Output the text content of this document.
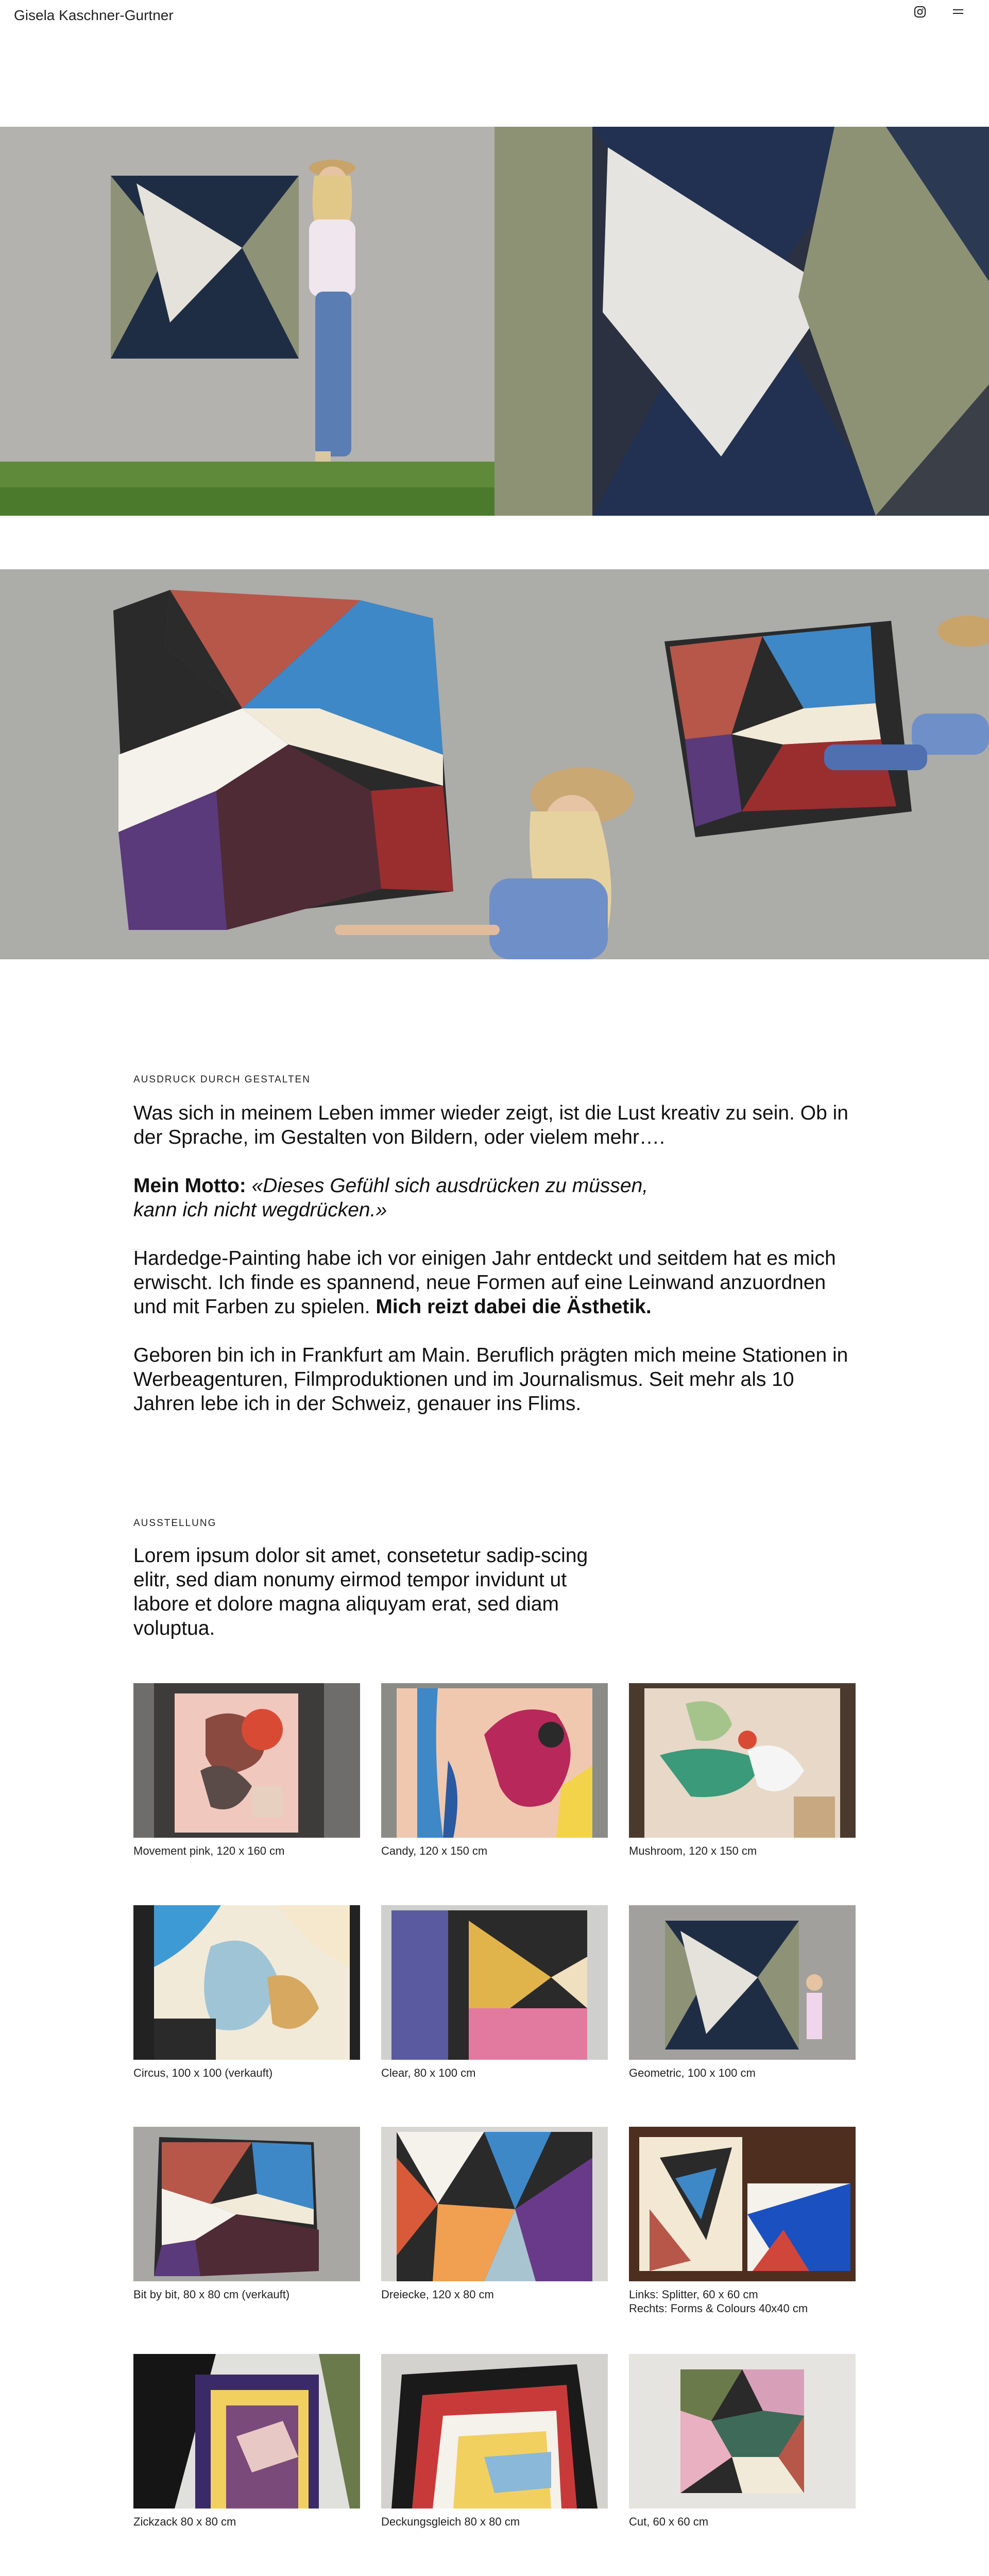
Gisela Kaschner-Gurtner
AUSDRUCK DURCH GESTALTEN

Was sich in meinem Leben immer wieder zeigt, ist die Lust kreativ zu sein. Ob in der Sprache, im Gestalten von Bildern, oder vielem mehr….

Mein Motto: «Dieses Gefühl sich ausdrücken zu müssen,
kann ich nicht wegdrücken.»

Hardedge-Painting habe ich vor einigen Jahr entdeckt und seitdem hat es mich erwischt. Ich finde es spannend, neue Formen auf eine Leinwand anzuordnen und mit Farben zu spielen. Mich reizt dabei die Ästhetik.

Geboren bin ich in Frankfurt am Main. Beruflich prägten mich meine Stationen in Werbeagenturen, Filmproduktionen und im Journalismus. Seit mehr als 10 Jahren lebe ich in der Schweiz, genauer ins Flims.

AUSSTELLUNG

Lorem ipsum dolor sit amet, consetetur sadip-scing elitr, sed diam nonumy eirmod tempor invidunt ut labore et dolore magna aliquyam erat, sed diam voluptua.

Movement pink, 120 x 160 cm	Candy, 120 x 150 cm	Mushroom, 120 x 150 cm
Circus, 100 x 100 (verkauft)	Clear, 80 x 100 cm	Geometric, 100 x 100 cm
Bit by bit, 80 x 80 cm (verkauft)	Dreiecke, 120 x 80 cm	Links: Splitter, 60 x 60 cm
Rechts: Forms & Colours 40x40 cm
Zickzack 80 x 80 cm	Deckungsgleich 80 x 80 cm	Cut, 60 x 60 cm
